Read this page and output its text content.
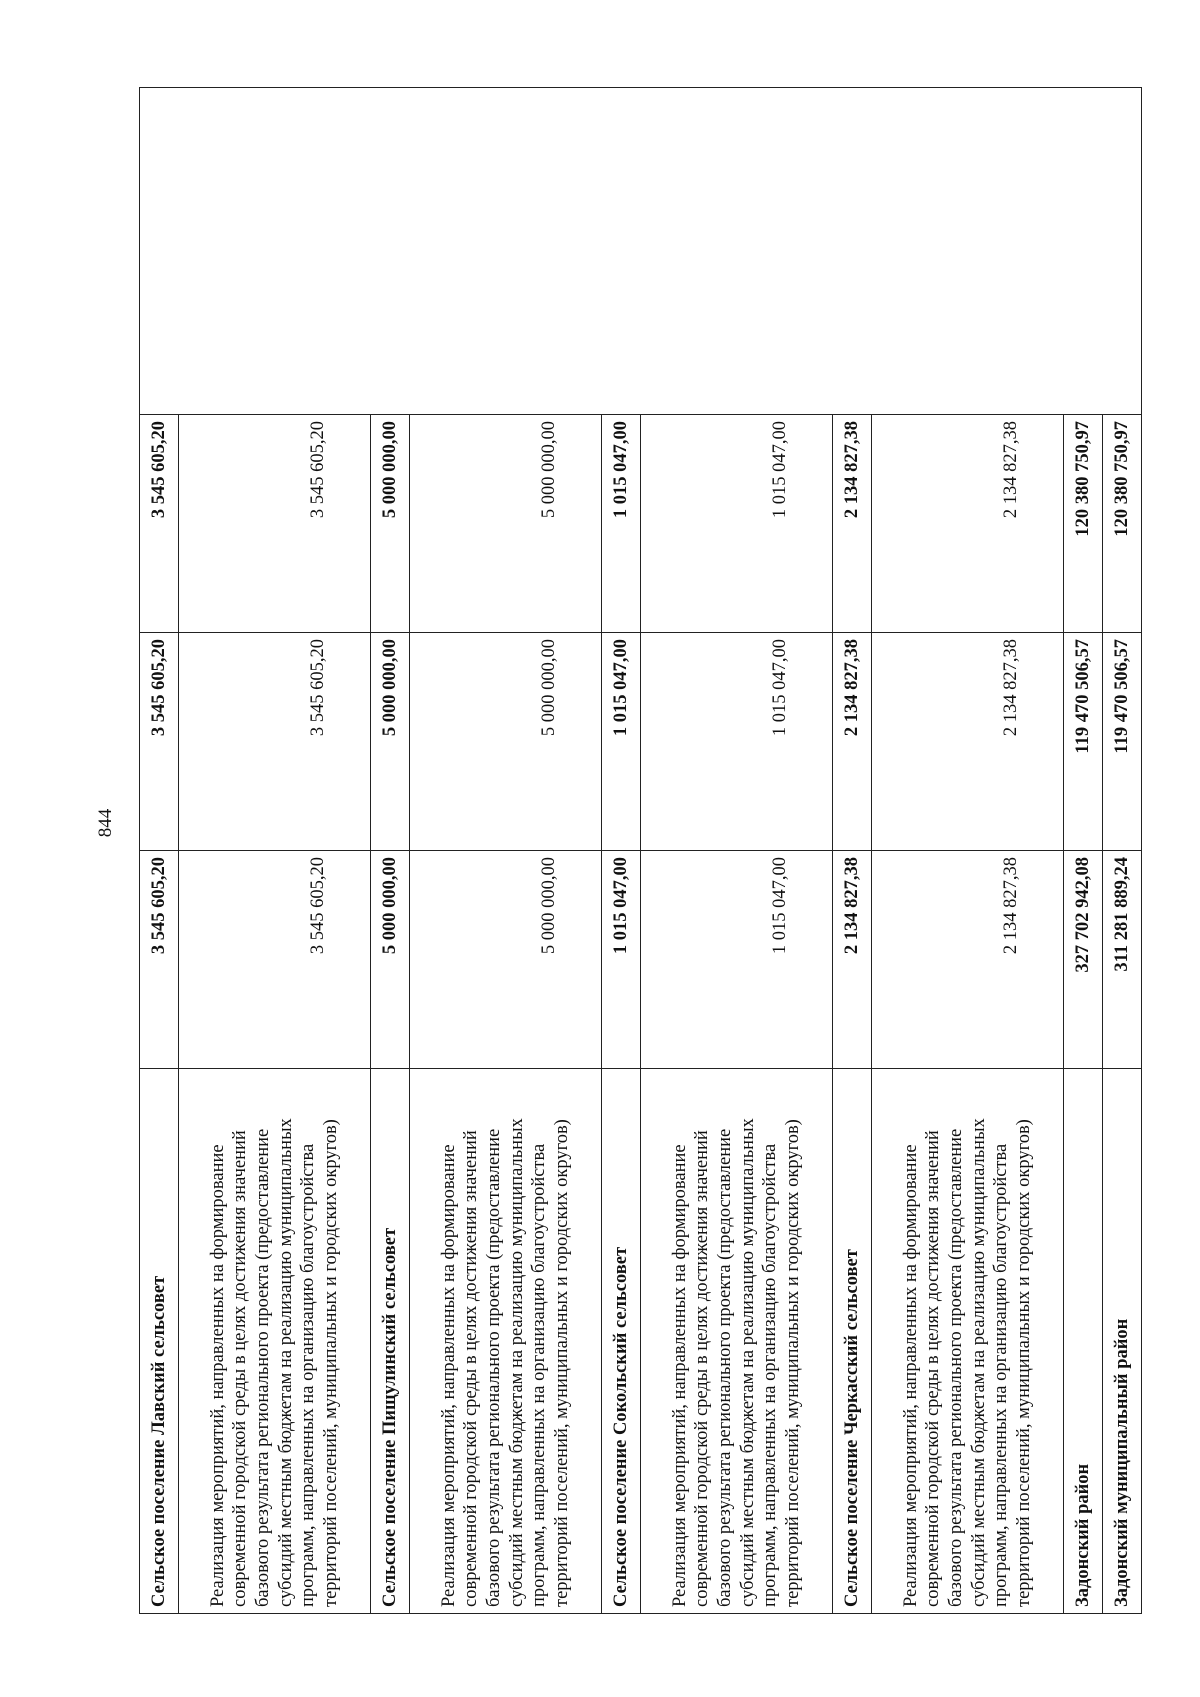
844
Сельское поселение Лавский сельсовет	3 545 605,20	3 545 605,20	3 545 605,20	
Реализация мероприятий, направленных на формирование современной городской среды в целях достижения значений базового результата регионального проекта (предоставление субсидий местным бюджетам на реализацию муниципальных программ, направленных на организацию благоустройства территорий поселений, муниципальных и городских округов)	3 545 605,20	3 545 605,20	3 545 605,20	
Сельское поселение Пищулинский сельсовет	5 000 000,00	5 000 000,00	5 000 000,00	
Реализация мероприятий, направленных на формирование современной городской среды в целях достижения значений базового результата регионального проекта (предоставление субсидий местным бюджетам на реализацию муниципальных программ, направленных на организацию благоустройства территорий поселений, муниципальных и городских округов)	5 000 000,00	5 000 000,00	5 000 000,00	
Сельское поселение Сокольский сельсовет	1 015 047,00	1 015 047,00	1 015 047,00	
Реализация мероприятий, направленных на формирование современной городской среды в целях достижения значений базового результата регионального проекта (предоставление субсидий местным бюджетам на реализацию муниципальных программ, направленных на организацию благоустройства территорий поселений, муниципальных и городских округов)	1 015 047,00	1 015 047,00	1 015 047,00	
Сельское поселение Черкасский сельсовет	2 134 827,38	2 134 827,38	2 134 827,38	
Реализация мероприятий, направленных на формирование современной городской среды в целях достижения значений базового результата регионального проекта (предоставление субсидий местным бюджетам на реализацию муниципальных программ, направленных на организацию благоустройства территорий поселений, муниципальных и городских округов)	2 134 827,38	2 134 827,38	2 134 827,38	
Задонский район	327 702 942,08	119 470 506,57	120 380 750,97	
Задонский муниципальный район	311 281 889,24	119 470 506,57	120 380 750,97	
